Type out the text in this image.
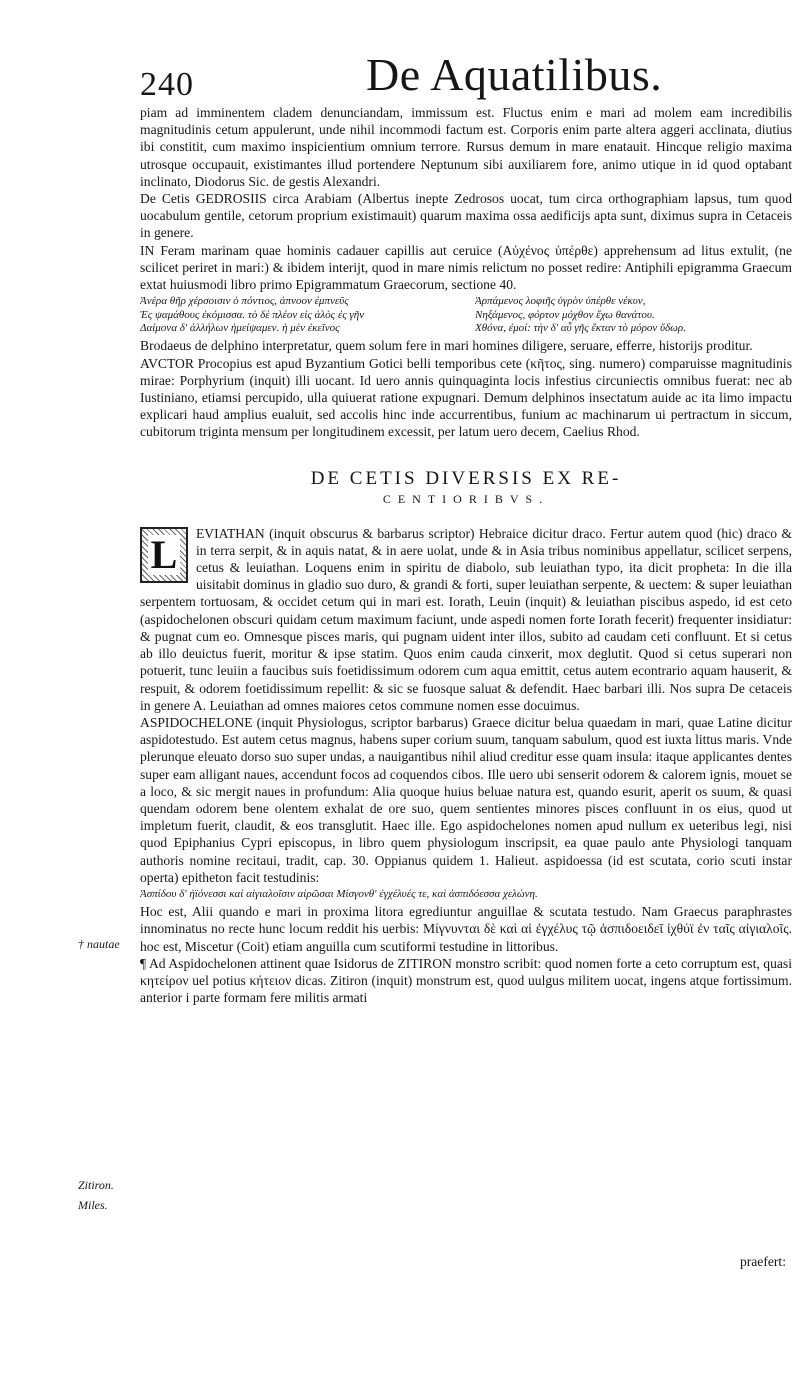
240	De Aquatilibus.

piam ad imminentem cladem denunciandam, immissum est. Fluctus enim e mari ad molem eam incredibilis magnitudinis cetum appulerunt, unde nihil incommodi factum est. Corporis enim parte altera aggeri acclinata, diutius ibi constitit, cum maximo inspicientium omnium terrore. Rursus demum in mare enatauit. Hincque religio maxima utrosque occupauit, existimantes illud portendere Neptunum sibi auxiliarem fore, animo utique in id quod optabant inclinato, Diodorus Sic. de gestis Alexandri.

De Cetis GEDROSIIS circa Arabiam (Albertus inepte Zedrosos uocat, tum circa orthographiam lapsus, tum quod uocabulum gentile, cetorum proprium existimauit) quarum maxima ossa aedificijs apta sunt, diximus supra in Cetaceis in genere.

IN Feram marinam quae hominis cadauer capillis aut ceruice (Αὐχένος ὑπέρθε) apprehensum ad litus extulit, (ne scilicet periret in mari:) & ibidem interijt, quod in mare nimis relictum no posset redire: Antiphili epigramma Graecum extat huiusmodi libro primo Epigrammatum Graecorum, sectione 40.

Ἀνέρα θῆρ χέρσοισιν ὁ πόντιος, ἀπνοον ἐμπνεῦς	Ἁρπάμενος λοφιῆς ὑγρὸν ὑπέρθε νέκυν,
Ἐς ψαμάθους ἐκόμισσα. τὸ δὲ πλέον εἰς ἁλὸς ἐς γῆν	Νηξάμενος, φόρτον μόχθον ἔχω θανάτου.
Δαίμονα δ' ἀλλήλων ἠμείψαμεν. ἡ μὲν ἐκεῖνος	Χθόνα, ἐμοί: τὴν δ' αὖ γῆς ἔκταν τὸ μόρον ὕδωρ.

Brodaeus de delphino interpretatur, quem solum fere in mari homines diligere, seruare, efferre, historijs proditur.

AVCTOR Procopius est apud Byzantium Gotici belli temporibus cete (κῆτος, sing. numero) comparuisse magnitudinis mirae: Porphyrium (inquit) illi uocant. Id uero annis quinquaginta locis infestius circuniectis omnibus fuerat: nec ab Iustiniano, etiamsi percupido, ulla quiuerat ratione expugnari. Demum delphinos insectatum auide ac ita limo impactu explicari haud amplius eualuit, sed accolis hinc inde accurrentibus, funium ac machinarum ui pertractum in siccum, cubitorum triginta mensum per longitudinem excessit, per latum uero decem, Caelius Rhod.

DE CETIS DIVERSIS EX RE-

CENTIORIBVS.

L	EVIATHAN (inquit obscurus & barbarus scriptor) Hebraice dicitur draco. Fertur autem quod (hic) draco & in terra serpit, & in aquis natat, & in aere uolat, unde & in Asia tribus nominibus appellatur, scilicet serpens, cetus & leuiathan. Loquens enim in spiritu de diabolo, sub leuiathan typo, ita dicit propheta: In die illa uisitabit dominus in gladio suo duro, & grandi & forti, super leuiathan serpente, & uectem: & super leuiathan serpentem tortuosam, & occidet cetum qui in mari est. Iorath, Leuin (inquit) & leuiathan piscibus aspedo, id est ceto (aspidochelonen obscuri quidam cetum maximum faciunt, unde aspedi nomen forte Iorath fecerit) frequenter insidiatur: & pugnat cum eo. Omnesque pisces maris, qui pugnam uident inter illos, subito ad caudam ceti confluunt. Et si cetus ab illo deuictus fuerit, moritur & ipse statim. Quos enim cauda cinxerit, mox deglutit. Quod si cetus superari non potuerit, tunc leuiin a faucibus suis foetidissimum odorem cum aqua emittit, cetus autem econtrario aquam hauserit, & respuit, & odorem foetidissimum repellit: & sic se fuosque saluat & defendit. Haec barbari illi. Nos supra De cetaceis in genere A. Leuiathan ad omnes maiores cetos commune nomen esse docuimus.

ASPIDOCHELONE (inquit Physiologus, scriptor barbarus) Graece dicitur belua quaedam in mari, quae Latine dicitur aspidotestudo. Est autem cetus magnus, habens super corium suum, tanquam sabulum, quod est iuxta littus maris. Vnde plerunque eleuato dorso suo super undas, a nauigantibus nihil aliud creditur esse quam insula: itaque applicantes dentes super eam alligant naues, accendunt focos ad coquendos cibos. Ille uero ubi senserit odorem & calorem ignis, mouet se a loco, & sic mergit naues in profundum: Alia quoque huius beluae natura est, quando esurit, aperit os suum, & quasi quendam odorem bene olentem exhalat de ore suo, quem sentientes minores pisces confluunt in os eius, quod ut impletum fuerit, claudit, & eos transglutit. Haec ille. Ego aspidochelones nomen apud nullum ex ueteribus legi, nisi quod Epiphanius Cypri episcopus, in libro quem physiologum inscripsit, ea quae paulo ante Physiologi tanquam authoris nomine recitaui, tradit, cap. 30. Oppianus quidem 1. Halieut. aspidoessa (id est scutata, corio scuti instar operta) epitheton facit testudinis:

Ἀσπίδου δ' ἠϊόνεσσι καὶ αἰγιαλοῖσιν αἰρῶσαι Μίσγονθ' ἐγχέλυές τε, καὶ ἀσπιδόεσσα χελώνη.

Hoc est, Alii quando e mari in proxima litora egrediuntur anguillae & scutata testudo. Nam Graecus paraphrastes innominatus no recte hunc locum reddit his uerbis: Μίγνυνται δὲ καὶ αἱ ἐγχέλυς τῷ ἀσπιδοειδεῖ ἰχθύϊ ἐν ταῖς αἰγιαλοῖς. hoc est, Miscetur (Coit) etiam anguilla cum scutiformi testudine in littoribus.

¶ Ad Aspidochelonen attinent quae Isidorus de ZITIRON monstro scribit: quod nomen forte a ceto corruptum est, quasi κητείρον uel potius κήτειον dicas. Zitiron (inquit) monstrum est, quod uulgus militem uocat, ingens atque fortissimum. anterior i parte formam fere militis armati

† nautae
Zitiron.
Miles.
praefert:
